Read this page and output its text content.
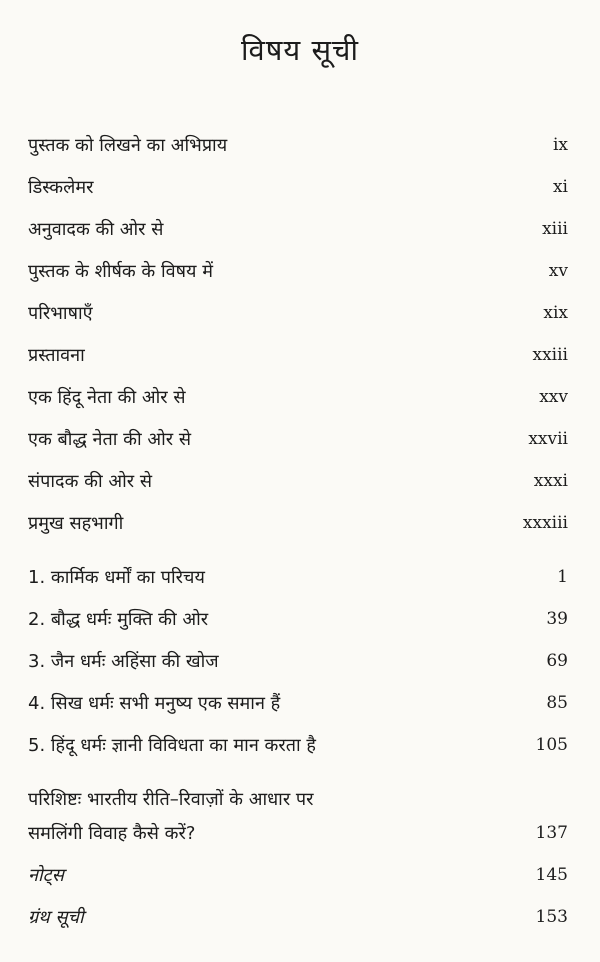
विषय सूची
पुस्तक को लिखने का अभिप्राय	ix
डिस्कलेमर	xi
अनुवादक की ओर से	xiii
पुस्तक के शीर्षक के विषय में	xv
परिभाषाएँ	xix
प्रस्तावना	xxiii
एक हिंदू नेता की ओर से	xxv
एक बौद्ध नेता की ओर से	xxvii
संपादक की ओर से	xxxi
प्रमुख सहभागी	xxxiii
1. कार्मिक धर्मों का परिचय	1
2. बौद्ध धर्मः मुक्ति की ओर	39
3. जैन धर्मः अहिंसा की खोज	69
4. सिख धर्मः सभी मनुष्य एक समान हैं	85
5. हिंदू धर्मः ज्ञानी विविधता का मान करता है	105
परिशिष्टः भारतीय रीति–रिवाज़ों के आधार पर
समलिंगी विवाह कैसे करें?	137
नोट्स	145
ग्रंथ सूची	153
